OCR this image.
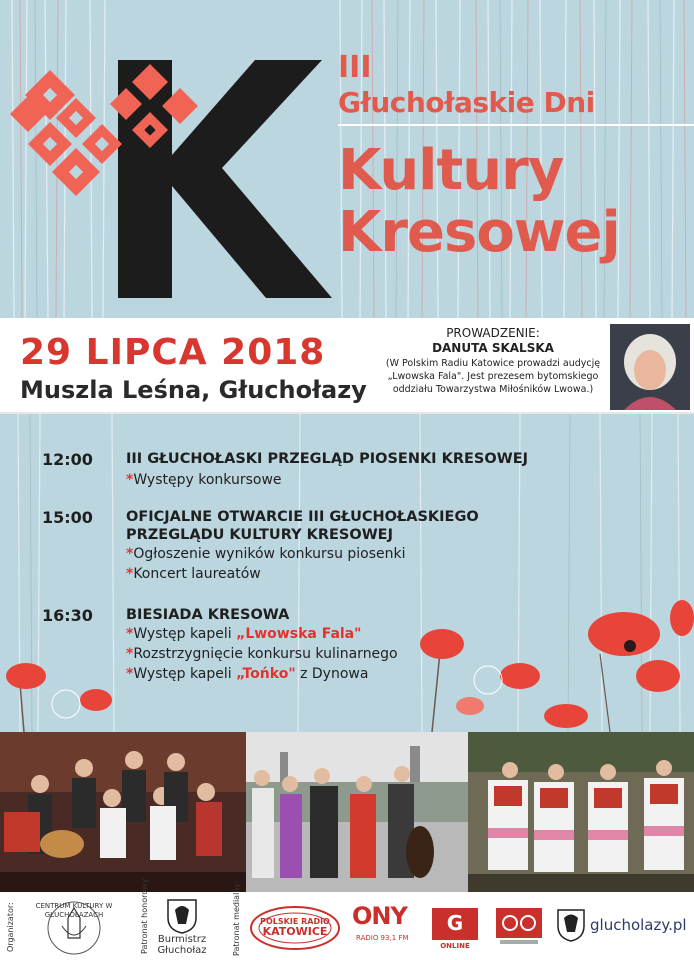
III
Głuchołaskie Dni
Kultury
Kresowej
29 LIPCA 2018
Muszla Leśna, Głuchołazy
PROWADZENIE:
DANUTA SKALSKA
(W Polskim Radiu Katowice prowadzi audycję „Lwowska Fala". Jest prezesem bytomskiego oddziału Towarzystwa Miłośników Lwowa.)
12:00 III GŁUCHOŁASKI PRZEGLĄD PIOSENKI KRESOWEJ
*Występy konkursowe
15:00 OFICJALNE OTWARCIE III GŁUCHOŁASKIEGO PRZEGLĄDU KULTURY KRESOWEJ
*Ogłoszenie wyników konkursu piosenki
*Koncert laureatów
16:30 BIESIADA KRESOWA
*Występ kapeli „Lwowska Fala"
*Rozstrzygnięcie konkursu kulinarnego
*Występ kapeli „Tońko" z Dynowa
Organizator:	CENTRUM KULTURY W GŁUCHOŁAZACH	Patronat honorowy: Burmistrz
Głuchołaz	Patronat medialny: POLSKIE RADIO
KATOWICE
ONY
RADIO 93,1 FM
G
ONLINE
glucholazy.pl
